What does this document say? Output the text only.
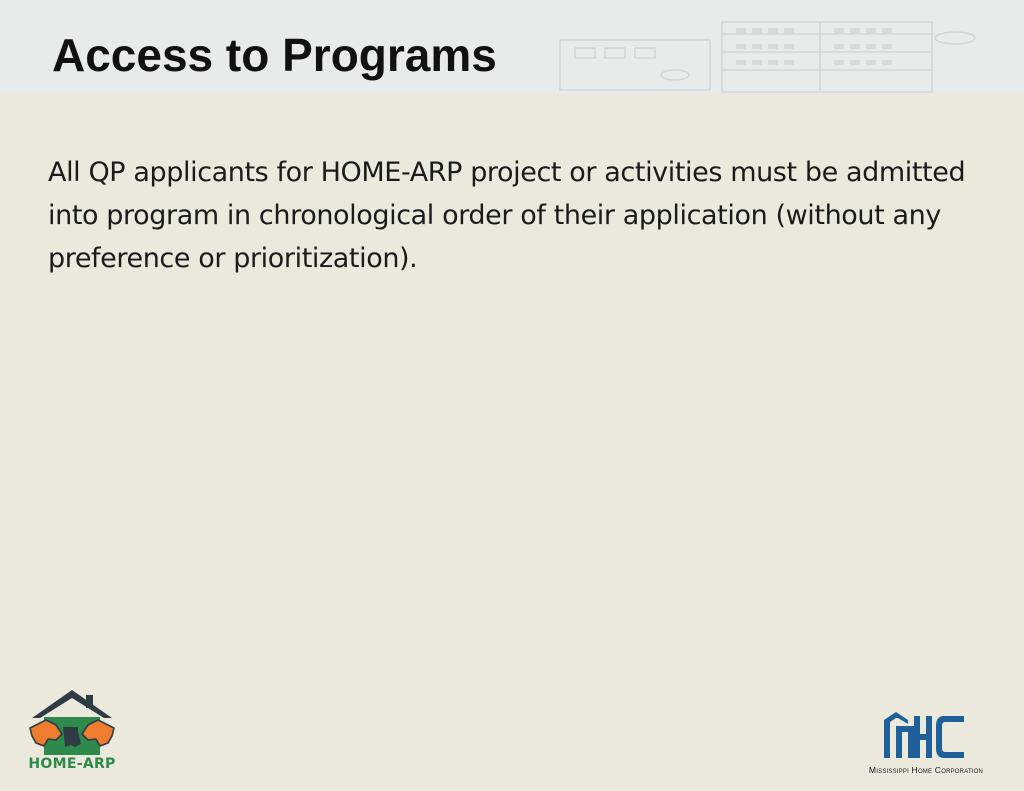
Access to Programs

All QP applicants for HOME-ARP project or activities must be admitted into program in chronological order of their application (without any preference or prioritization).

HOME-ARP	Mississippi Home Corporation
